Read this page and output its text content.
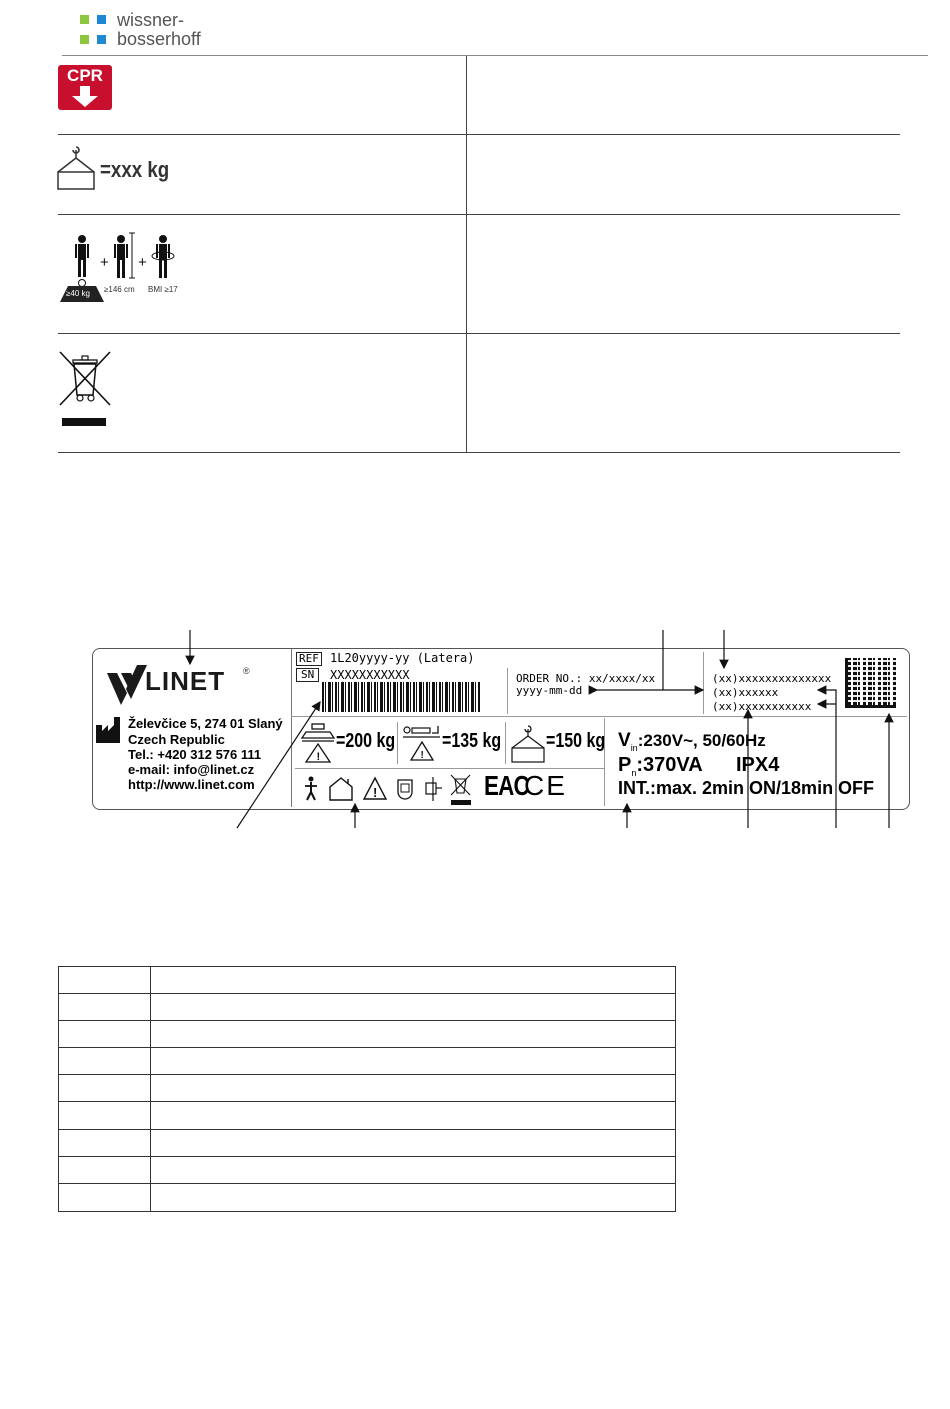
wissner-
bosserhoff
CPR
=xxx kg
+ +
≥40 kg ≥146 cm BMI ≥17
LINET ®
Želevčice 5, 274 01 Slaný
Czech Republic
Tel.: +420 312 576 111
e-mail: info@linet.cz
http://www.linet.com
REF 1L20yyyy-yy (Latera)
SN	XXXXXXXXXXX	ORDER NO.: xx/xxxx/xx
yyyy-mm-dd
(xx)xxxxxxxxxxxxxx
(xx)xxxxxx
(xx)xxxxxxxxxxx
!
=200 kg
!
=135 kg =150 kg
!	EAC
CE
$V_{in}:230V\sim$, 50/60Hz
$P_n:370VA$ IPX4
INT.:max. 2min ON/18min OFF
